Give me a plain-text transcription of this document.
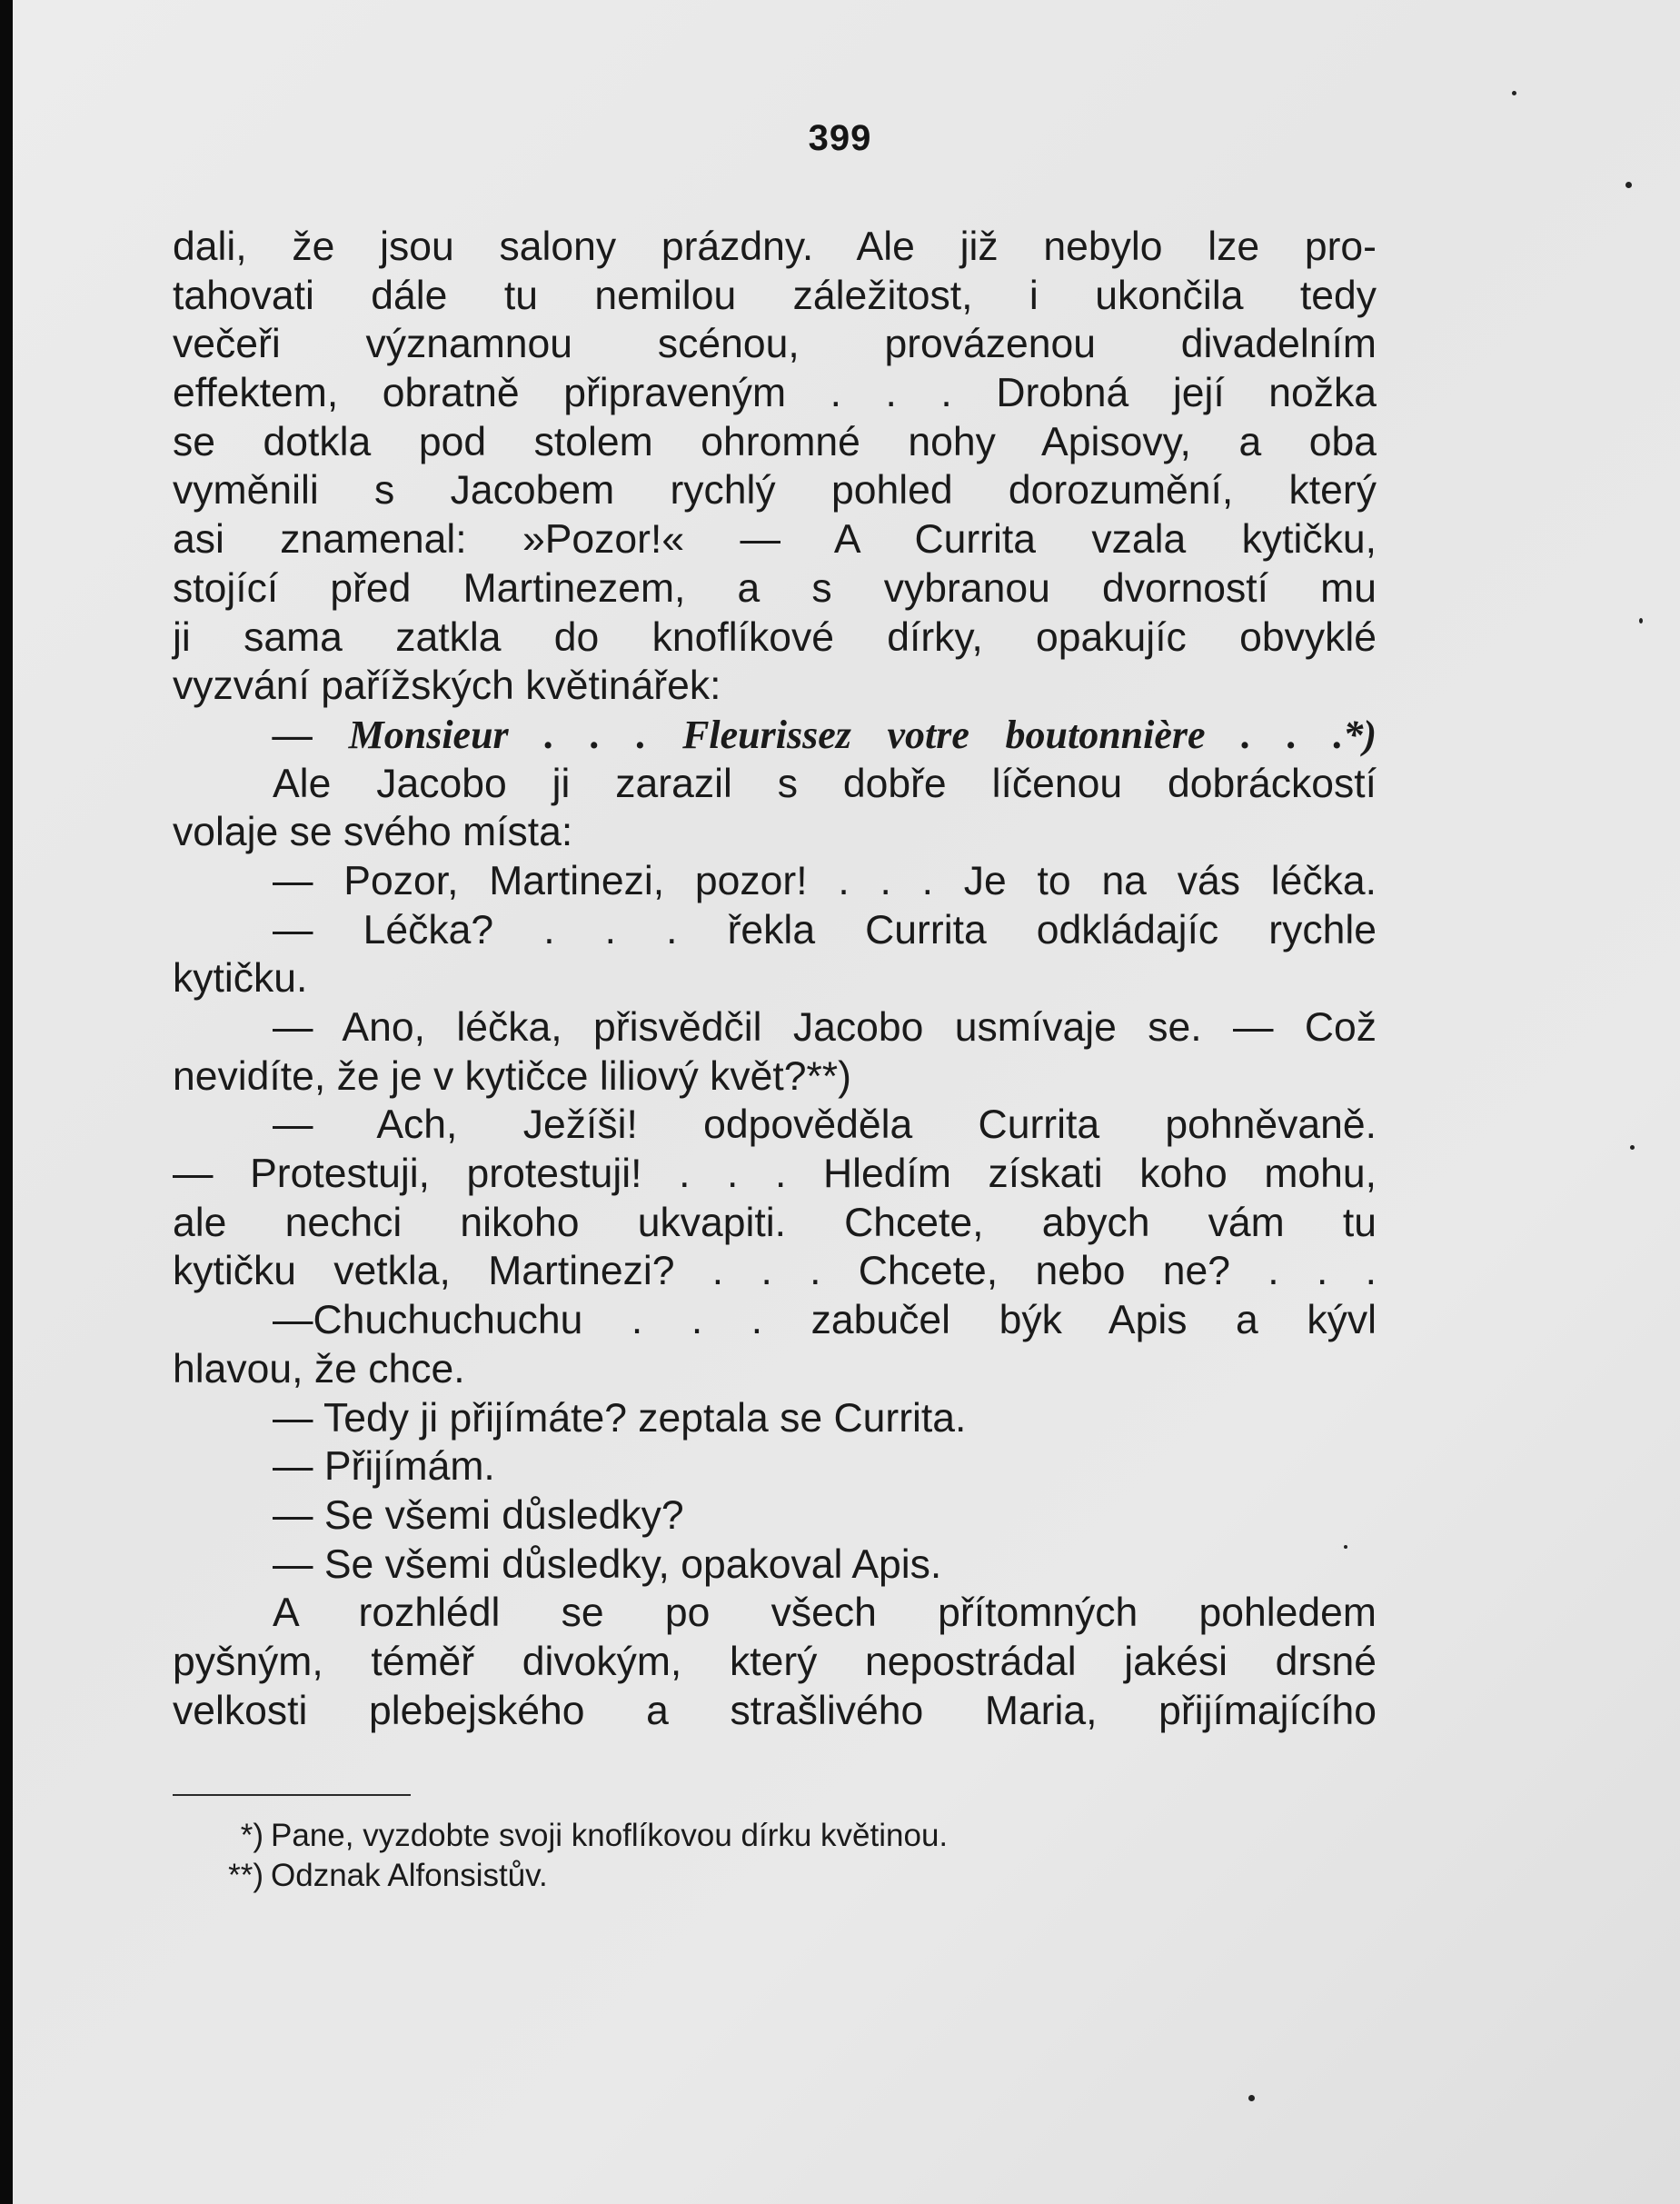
399
dali, že jsou salony prázdny. Ale již nebylo lze pro-
tahovati dále tu nemilou záležitost, i ukončila tedy
večeři významnou scénou, provázenou divadelním
effektem, obratně připraveným . . . Drobná její nožka
se dotkla pod stolem ohromné nohy Apisovy, a oba
vyměnili s Jacobem rychlý pohled dorozumění, který
asi znamenal: »Pozor!« — A Currita vzala kytičku,
stojící před Martinezem, a s vybranou dvorností mu
ji sama zatkla do knoflíkové dírky, opakujíc obvyklé
vyzvání pařížských květinářek:
— Monsieur . . . Fleurissez votre boutonnière . . .*)
Ale Jacobo ji zarazil s dobře líčenou dobráckostí
volaje se svého místa:
— Pozor, Martinezi, pozor! . . . Je to na vás léčka.
— Léčka? . . . řekla Currita odkládajíc rychle
kytičku.
— Ano, léčka, přisvědčil Jacobo usmívaje se. — Což
nevidíte, že je v kytičce liliový květ?**)
— Ach, Ježíši! odpověděla Currita pohněvaně.
— Protestuji, protestuji! . . . Hledím získati koho mohu,
ale nechci nikoho ukvapiti. Chcete, abych vám tu
kytičku vetkla, Martinezi? . . . Chcete, nebo ne? . . .
—Chuchuchuchu . . . zabučel býk Apis a kývl
hlavou, že chce.
— Tedy ji přijímáte? zeptala se Currita.
— Přijímám.
— Se všemi důsledky?
— Se všemi důsledky, opakoval Apis.
A rozhlédl se po všech přítomných pohledem
pyšným, téměř divokým, který nepostrádal jakési drsné
velkosti plebejského a strašlivého Maria, přijímajícího
*) Pane, vyzdobte svoji knoflíkovou dírku květinou.
**) Odznak Alfonsistův.
